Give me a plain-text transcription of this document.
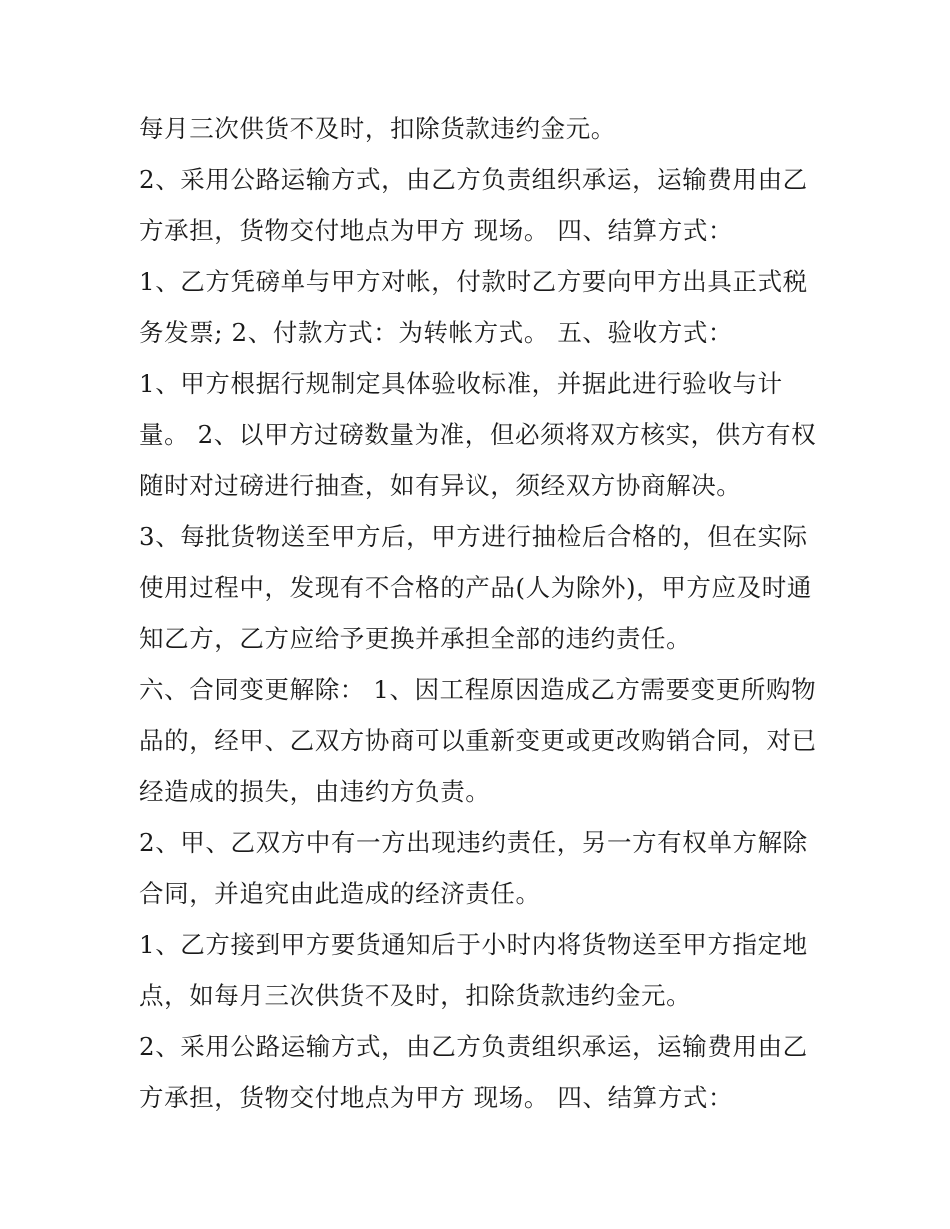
每月三次供货不及时，扣除货款违约金元。
2、采用公路运输方式，由乙方负责组织承运，运输费用由乙
方承担，货物交付地点为甲方 现场。 四、结算方式：
1、乙方凭磅单与甲方对帐，付款时乙方要向甲方出具正式税
务发票; 2、付款方式：为转帐方式。 五、验收方式：
1、甲方根据行规制定具体验收标准，并据此进行验收与计
量。 2、以甲方过磅数量为准，但必须将双方核实，供方有权
随时对过磅进行抽查，如有异议，须经双方协商解决。
3、每批货物送至甲方后，甲方进行抽检后合格的，但在实际
使用过程中，发现有不合格的产品(人为除外)，甲方应及时通
知乙方，乙方应给予更换并承担全部的违约责任。
六、合同变更解除： 1、因工程原因造成乙方需要变更所购物
品的，经甲、乙双方协商可以重新变更或更改购销合同，对已
经造成的损失，由违约方负责。
2、甲、乙双方中有一方出现违约责任，另一方有权单方解除
合同，并追究由此造成的经济责任。
1、乙方接到甲方要货通知后于小时内将货物送至甲方指定地
点，如每月三次供货不及时，扣除货款违约金元。
2、采用公路运输方式，由乙方负责组织承运，运输费用由乙
方承担，货物交付地点为甲方 现场。 四、结算方式：
